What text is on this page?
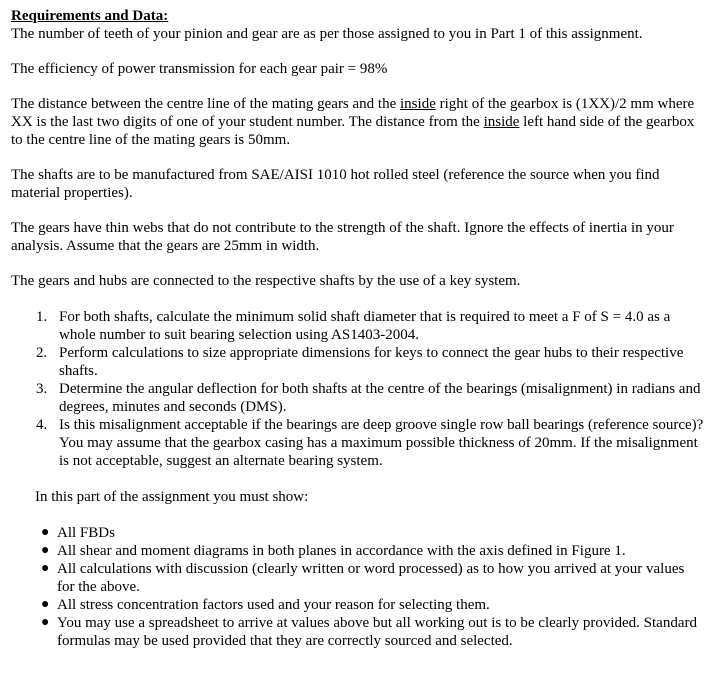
Requirements and Data:

The number of teeth of your pinion and gear are as per those assigned to you in Part 1 of this assignment.

The efficiency of power transmission for each gear pair = 98%

The distance between the centre line of the mating gears and the inside right of the gearbox is (1XX)/2 mm where XX is the last two digits of one of your student number. The distance from the inside left hand side of the gearbox to the centre line of the mating gears is 50mm.

The shafts are to be manufactured from SAE/AISI 1010 hot rolled steel (reference the source when you find material properties).

The gears have thin webs that do not contribute to the strength of the shaft. Ignore the effects of inertia in your analysis. Assume that the gears are 25mm in width.

The gears and hubs are connected to the respective shafts by the use of a key system.

1. For both shafts, calculate the minimum solid shaft diameter that is required to meet a F of S = 4.0 as a whole number to suit bearing selection using AS1403-2004.
2. Perform calculations to size appropriate dimensions for keys to connect the gear hubs to their respective shafts.
3. Determine the angular deflection for both shafts at the centre of the bearings (misalignment) in radians and degrees, minutes and seconds (DMS).
4. Is this misalignment acceptable if the bearings are deep groove single row ball bearings (reference source)? You may assume that the gearbox casing has a maximum possible thickness of 20mm. If the misalignment is not acceptable, suggest an alternate bearing system.

In this part of the assignment you must show:

● All FBDs
● All shear and moment diagrams in both planes in accordance with the axis defined in Figure 1.
● All calculations with discussion (clearly written or word processed) as to how you arrived at your values for the above.
● All stress concentration factors used and your reason for selecting them.
● You may use a spreadsheet to arrive at values above but all working out is to be clearly provided. Standard formulas may be used provided that they are correctly sourced and selected.
